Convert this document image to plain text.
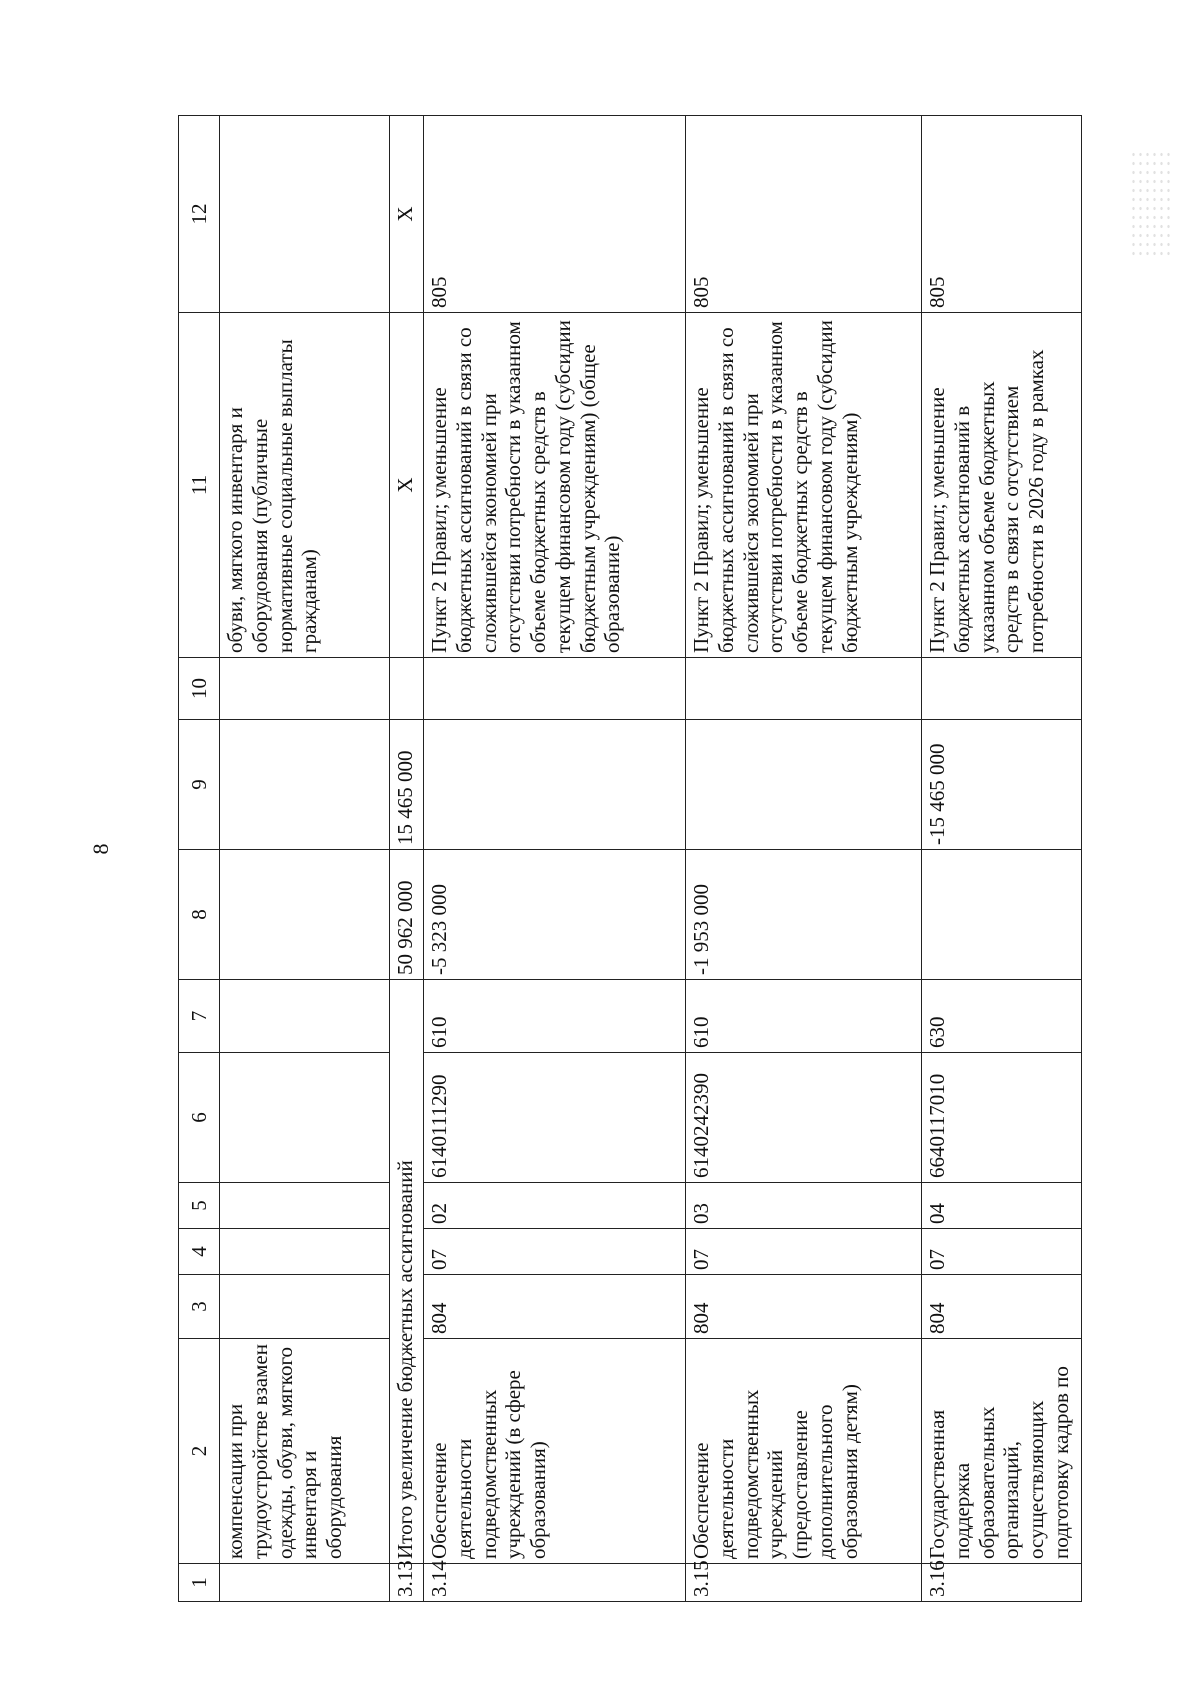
8
1	2	3	4	5	6	7	8	9	10	11	12
	компенсации при трудоустройстве взамен одежды, обуви, мягкого инвентаря и оборудования									обуви, мягкого инвентаря и оборудования (публичные нормативные социальные выплаты гражданам)	
3.13	Итого увеличение бюджетных ассигнований						50 962 000	15 465 000		X	X
3.14	Обеспечение деятельности подведомственных учреждений (в сфере образования)	804	07	02	6140111290	610	-5 323 000			Пункт 2 Правил; уменьшение бюджетных ассигнований в связи со сложившейся экономией при отсутствии потребности в указанном объеме бюджетных средств в текущем финансовом году (субсидии бюджетным учреждениям) (общее образование)	805
3.15	Обеспечение деятельности подведомственных учреждений (предоставление дополнительного образования детям)	804	07	03	6140242390	610	-1 953 000			Пункт 2 Правил; уменьшение бюджетных ассигнований в связи со сложившейся экономией при отсутствии потребности в указанном объеме бюджетных средств в текущем финансовом году (субсидии бюджетным учреждениям)	805
3.16	Государственная поддержка образовательных организаций, осуществляющих подготовку кадров по	804	07	04	6640117010	630		-15 465 000		Пункт 2 Правил; уменьшение бюджетных ассигнований в указанном объеме бюджетных средств в связи с отсутствием потребности в 2026 году в рамках	805
